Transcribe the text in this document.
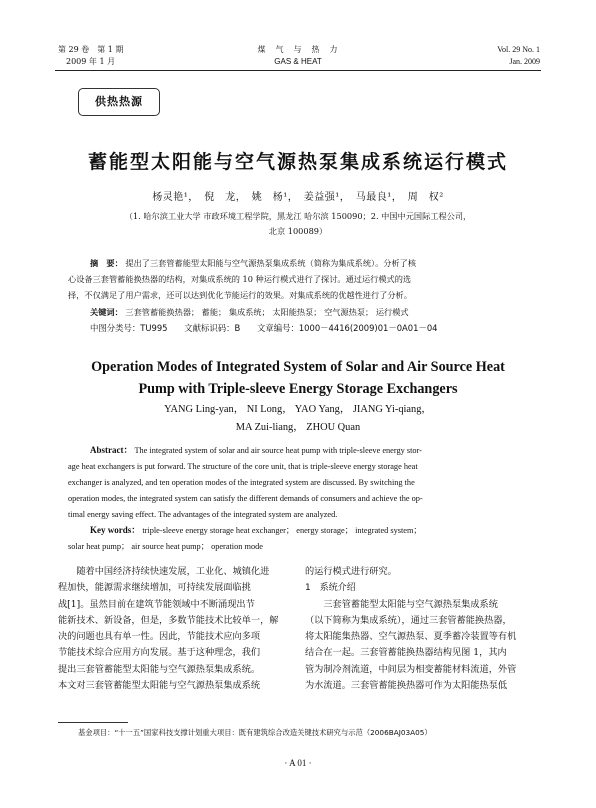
第 29 卷　第 1 期
2009 年 1 月
煤　气　与　热　力
GAS & HEAT
Vol. 29 No. 1
Jan. 2009
供热热源
蓄能型太阳能与空气源热泵集成系统运行模式
杨灵艳¹，　倪　龙，　姚　杨¹，　姜益强¹，　马最良¹，　周　权²
（1. 哈尔滨工业大学 市政环境工程学院，黑龙江 哈尔滨 150090；2. 中国中元国际工程公司，
北京 100089）
摘　要： 提出了三套管蓄能型太阳能与空气源热泵集成系统（简称为集成系统）。分析了核
心设备三套管蓄能换热器的结构，对集成系统的 10 种运行模式进行了探讨。通过运行模式的选
择，不仅满足了用户需求，还可以达到优化节能运行的效果。对集成系统的优越性进行了分析。
关键词： 三套管蓄能换热器； 蓄能； 集成系统； 太阳能热泵； 空气源热泵； 运行模式
中图分类号：TU995　　文献标识码：B　　文章编号：1000－4416(2009)01－0A01－04
Operation Modes of Integrated System of Solar and Air Source Heat
Pump with Triple-sleeve Energy Storage Exchangers
YANG Ling-yan， NI Long， YAO Yang， JIANG Yi-qiang，
MA Zui-liang， ZHOU Quan
Abstract： The integrated system of solar and air source heat pump with triple-sleeve energy stor-
age heat exchangers is put forward. The structure of the core unit, that is triple-sleeve energy storage heat
exchanger is analyzed, and ten operation modes of the integrated system are discussed. By switching the
operation modes, the integrated system can satisfy the different demands of consumers and achieve the op-
timal energy saving effect. The advantages of the integrated system are analyzed.
Key words： triple-sleeve energy storage heat exchanger； energy storage； integrated system；
solar heat pump； air source heat pump； operation mode
　　随着中国经济持续快速发展，工业化、城镇化进
程加快，能源需求继续增加，可持续发展面临挑
战[1]。虽然目前在建筑节能领域中不断涌现出节
能新技术、新设备，但是，多数节能技术比较单一，解
决的问题也具有单一性。因此，节能技术应向多项
节能技术综合应用方向发展。基于这种理念，我们
提出三套管蓄能型太阳能与空气源热泵集成系统。
本文对三套管蓄能型太阳能与空气源热泵集成系统
的运行模式进行研究。
1　系统介绍
　　三套管蓄能型太阳能与空气源热泵集成系统
（以下简称为集成系统），通过三套管蓄能换热器，
将太阳能集热器、空气源热泵、夏季蓄冷装置等有机
结合在一起。三套管蓄能换热器结构见图 1，其内
管为制冷剂流道，中间层为相变蓄能材料流道，外管
为水流道。三套管蓄能换热器可作为太阳能热泵低
基金项目：“十一五”国家科技支撑计划重大项目：既有建筑综合改造关键技术研究与示范（2006BAJ03A05）
· A 01 ·
